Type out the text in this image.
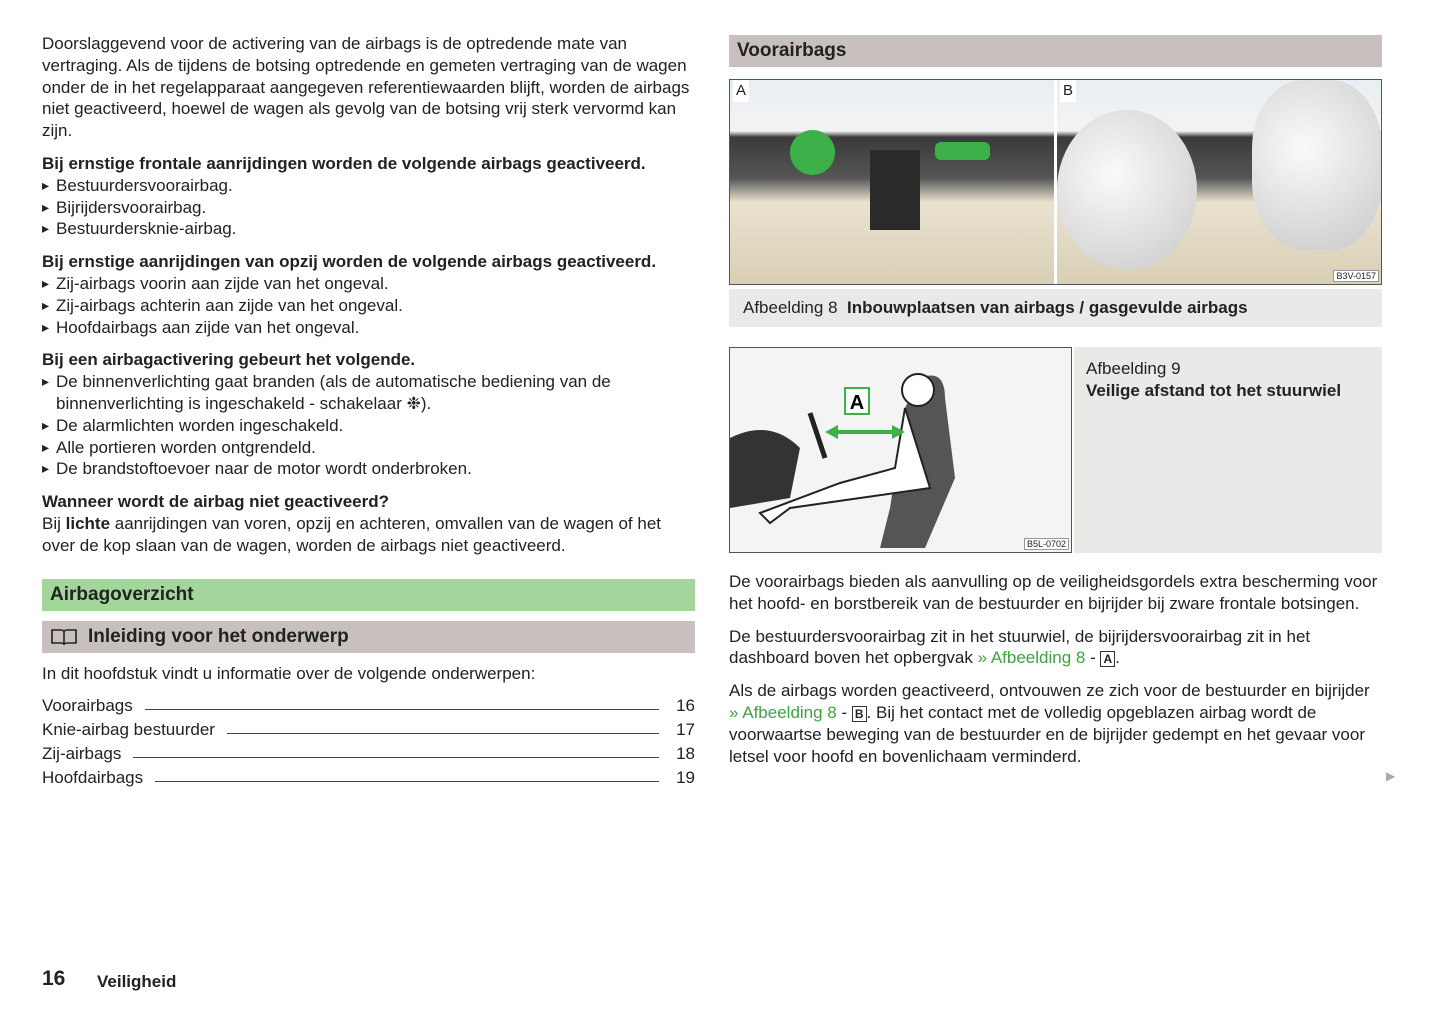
Doorslaggevend voor de activering van de airbags is de optredende mate van vertraging. Als de tijdens de botsing optredende en gemeten vertraging van de wagen onder de in het regelapparaat aangegeven referentiewaarden blijft, worden de airbags niet geactiveerd, hoewel de wagen als gevolg van de botsing vrij sterk vervormd kan zijn.

Bij ernstige frontale aanrijdingen worden de volgende airbags geactiveerd.
▸ Bestuurdersvoorairbag.
▸ Bijrijdersvoorairbag.
▸ Bestuurdersknie-airbag.
Bij ernstige aanrijdingen van opzij worden de volgende airbags geactiveerd.
▸ Zij-airbags voorin aan zijde van het ongeval.
▸ Zij-airbags achterin aan zijde van het ongeval.
▸ Hoofdairbags aan zijde van het ongeval.
Bij een airbagactivering gebeurt het volgende.
▸ De binnenverlichting gaat branden (als de automatische bediening van de binnenverlichting is ingeschakeld - schakelaar ❉).
▸ De alarmlichten worden ingeschakeld.
▸ Alle portieren worden ontgrendeld.
▸ De brandstoftoevoer naar de motor wordt onderbroken.
Wanneer wordt de airbag niet geactiveerd?

Bij lichte aanrijdingen van voren, opzij en achteren, omvallen van de wagen of het over de kop slaan van de wagen, worden de airbags niet geactiveerd.

Airbagoverzicht
Inleiding voor het onderwerp
In dit hoofdstuk vindt u informatie over de volgende onderwerpen:
Voorairbags	16
Knie-airbag bestuurder	17
Zij-airbags	18
Hoofdairbags	19
Voorairbags
A	B
B3V-0157
Afbeelding 8 Inbouwplaatsen van airbags / gasgevulde airbags
A
B5L-0702
Afbeelding 9
Veilige afstand tot het stuurwiel

De voorairbags bieden als aanvulling op de veiligheidsgordels extra bescherming voor het hoofd- en borstbereik van de bestuurder en bijrijder bij zware frontale botsingen.

De bestuurdersvoorairbag zit in het stuurwiel, de bijrijdersvoorairbag zit in het dashboard boven het opbergvak » Afbeelding 8 - A .

Als de airbags worden geactiveerd, ontvouwen ze zich voor de bestuurder en bijrijder » Afbeelding 8 - B . Bij het contact met de volledig opgeblazen airbag wordt de voorwaartse beweging van de bestuurder en de bijrijder gedempt en het gevaar voor letsel voor hoofd en bovenlichaam verminderd.

▶
16 Veiligheid
